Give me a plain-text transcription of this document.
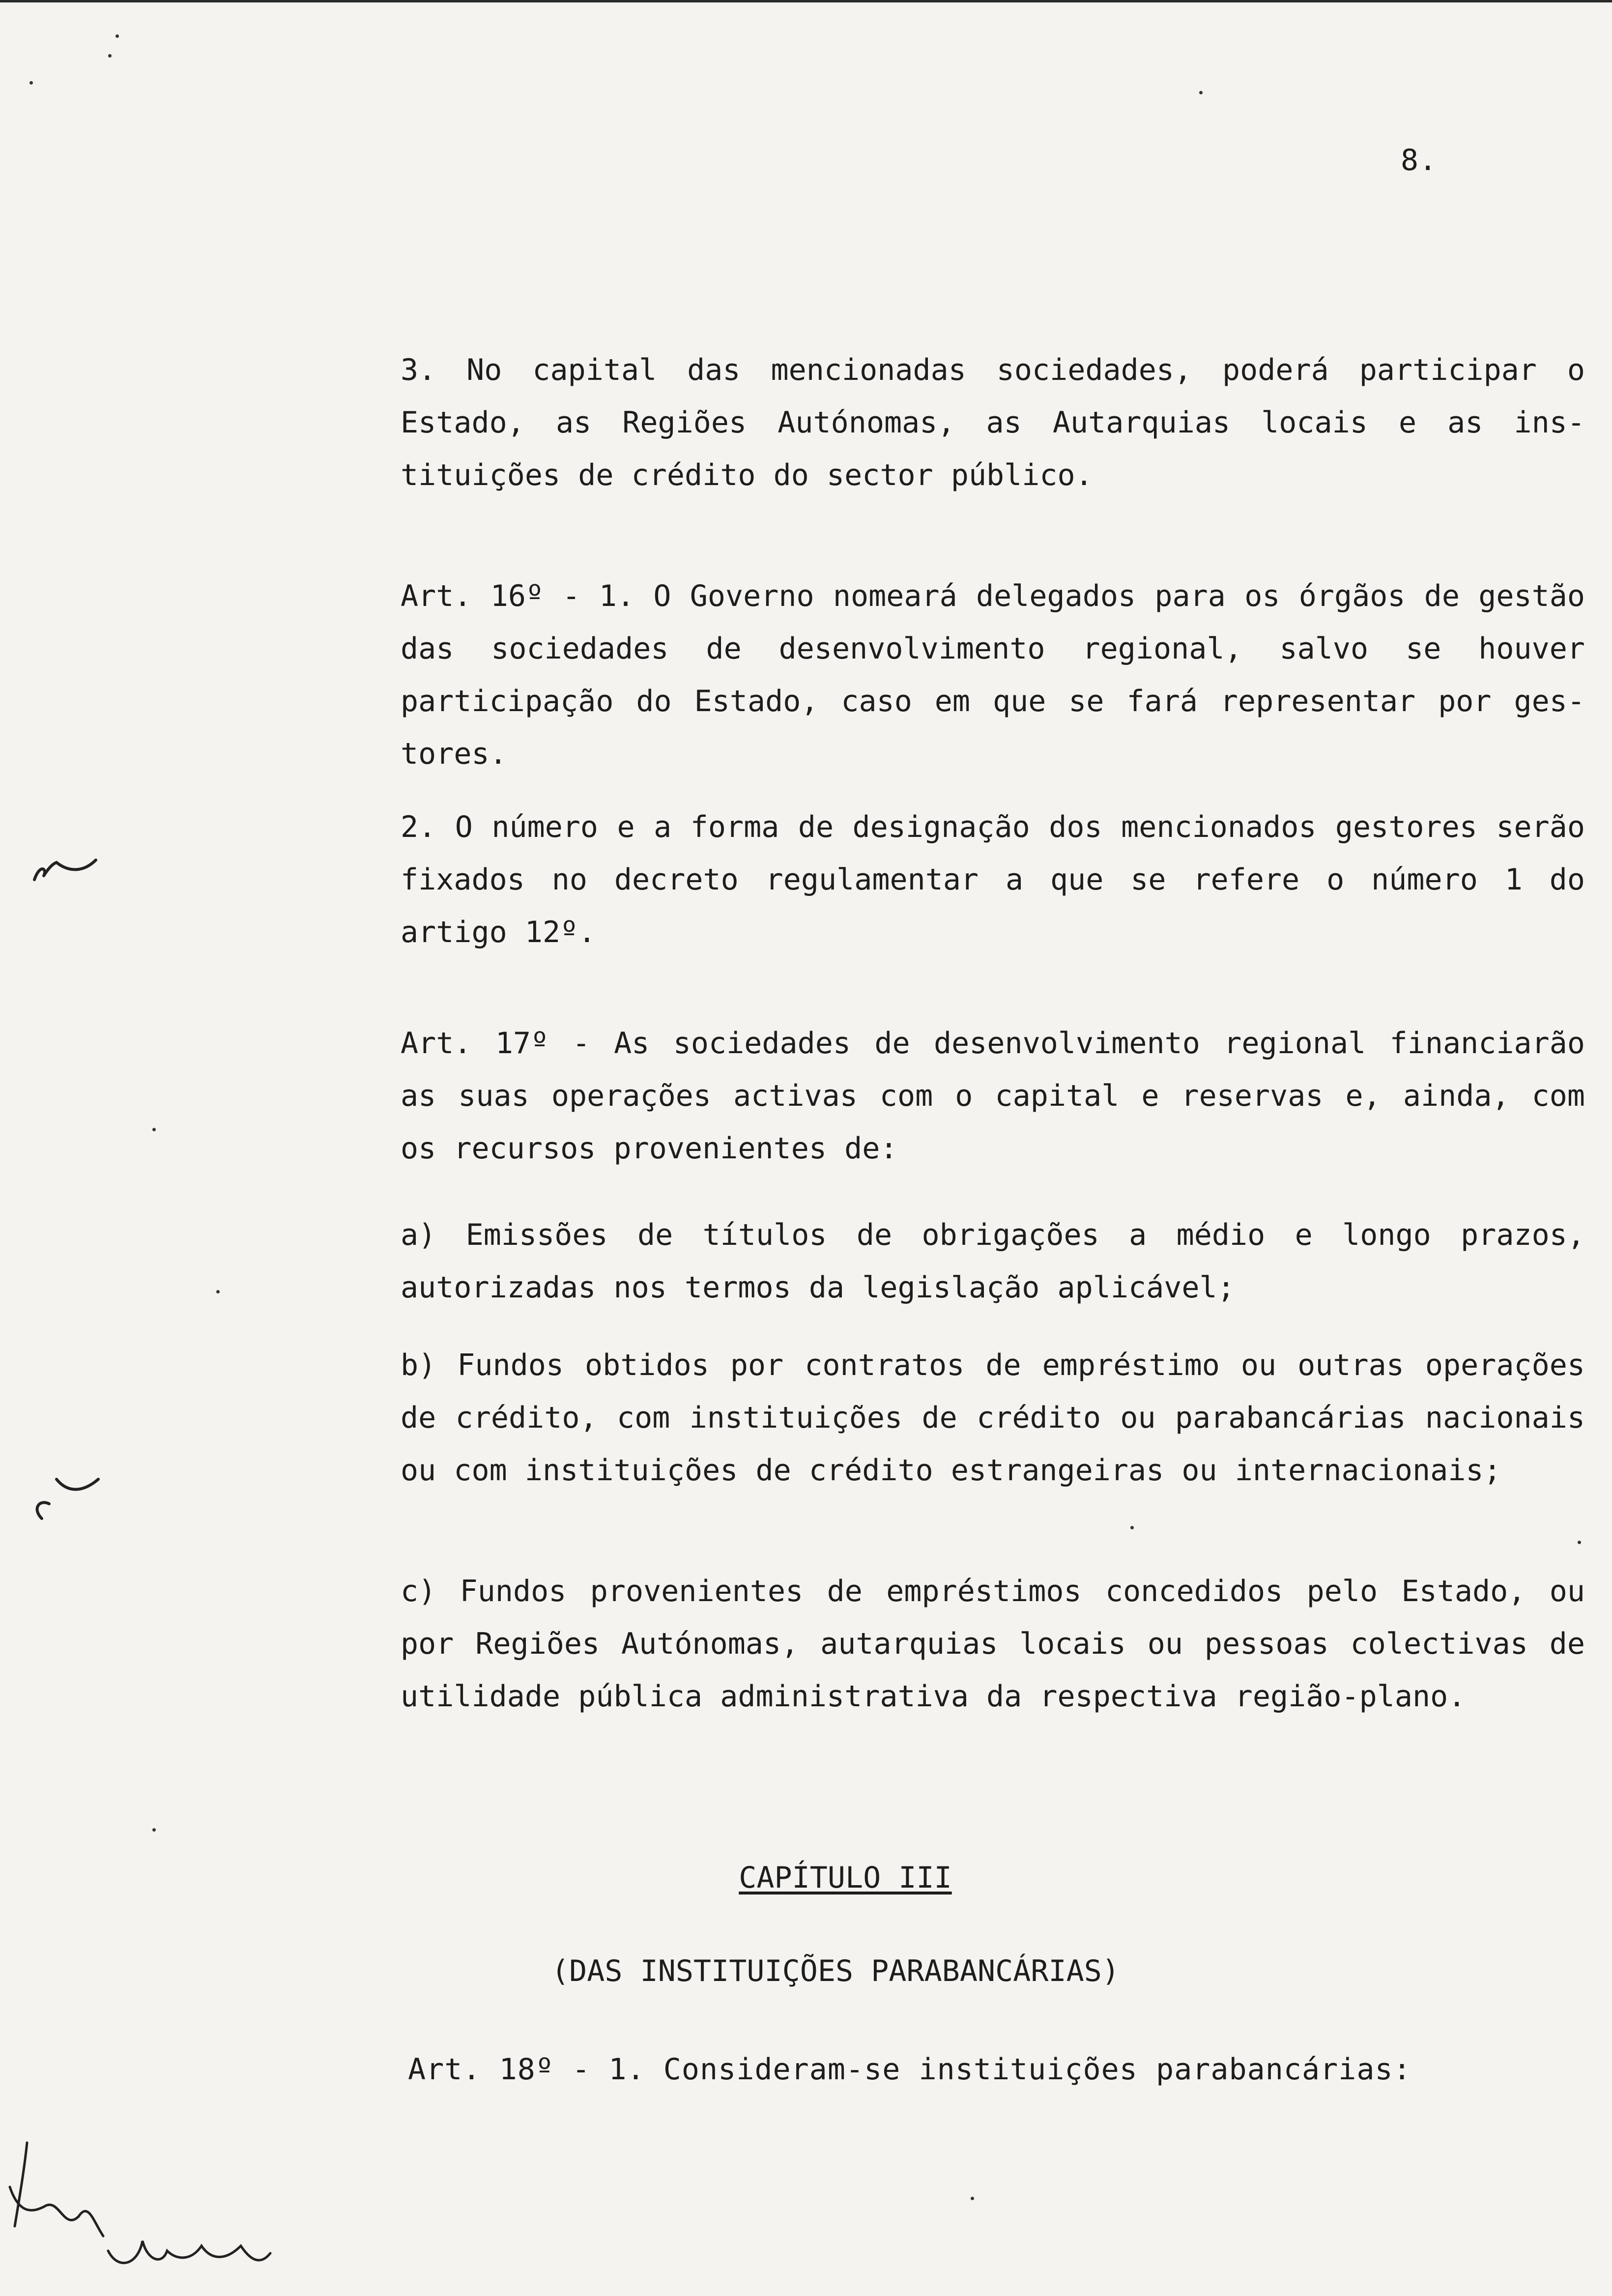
8.
3. No capital das mencionadas sociedades, poderá participar o Estado, as Regiões Autónomas, as Autarquias locais e as instituições de crédito do sector público.
Art. 16º - 1. O Governo nomeará delegados para os órgãos de gestão das sociedades de desenvolvimento regional, salvo se houver participação do Estado, caso em que se fará representar por gestores.
2. O número e a forma de designação dos mencionados gestores serão fixados no decreto regulamentar a que se refere o número 1 do artigo 12º.
Art. 17º - As sociedades de desenvolvimento regional financiarão as suas operações activas com o capital e reservas e, ainda, com os recursos provenientes de:
a) Emissões de títulos de obrigações a médio e longo prazos, autorizadas nos termos da legislação aplicável;
b) Fundos obtidos por contratos de empréstimo ou outras operações de crédito, com instituições de crédito ou parabancárias nacionais ou com instituições de crédito estrangeiras ou internacionais;
c) Fundos provenientes de empréstimos concedidos pelo Estado, ou por Regiões Autónomas, autarquias locais ou pessoas colectivas de utilidade pública administrativa da respectiva região-plano.
CAPÍTULO III
(DAS INSTITUIÇÕES PARABANCÁRIAS)
Art. 18º - 1. Consideram-se instituições parabancárias:
